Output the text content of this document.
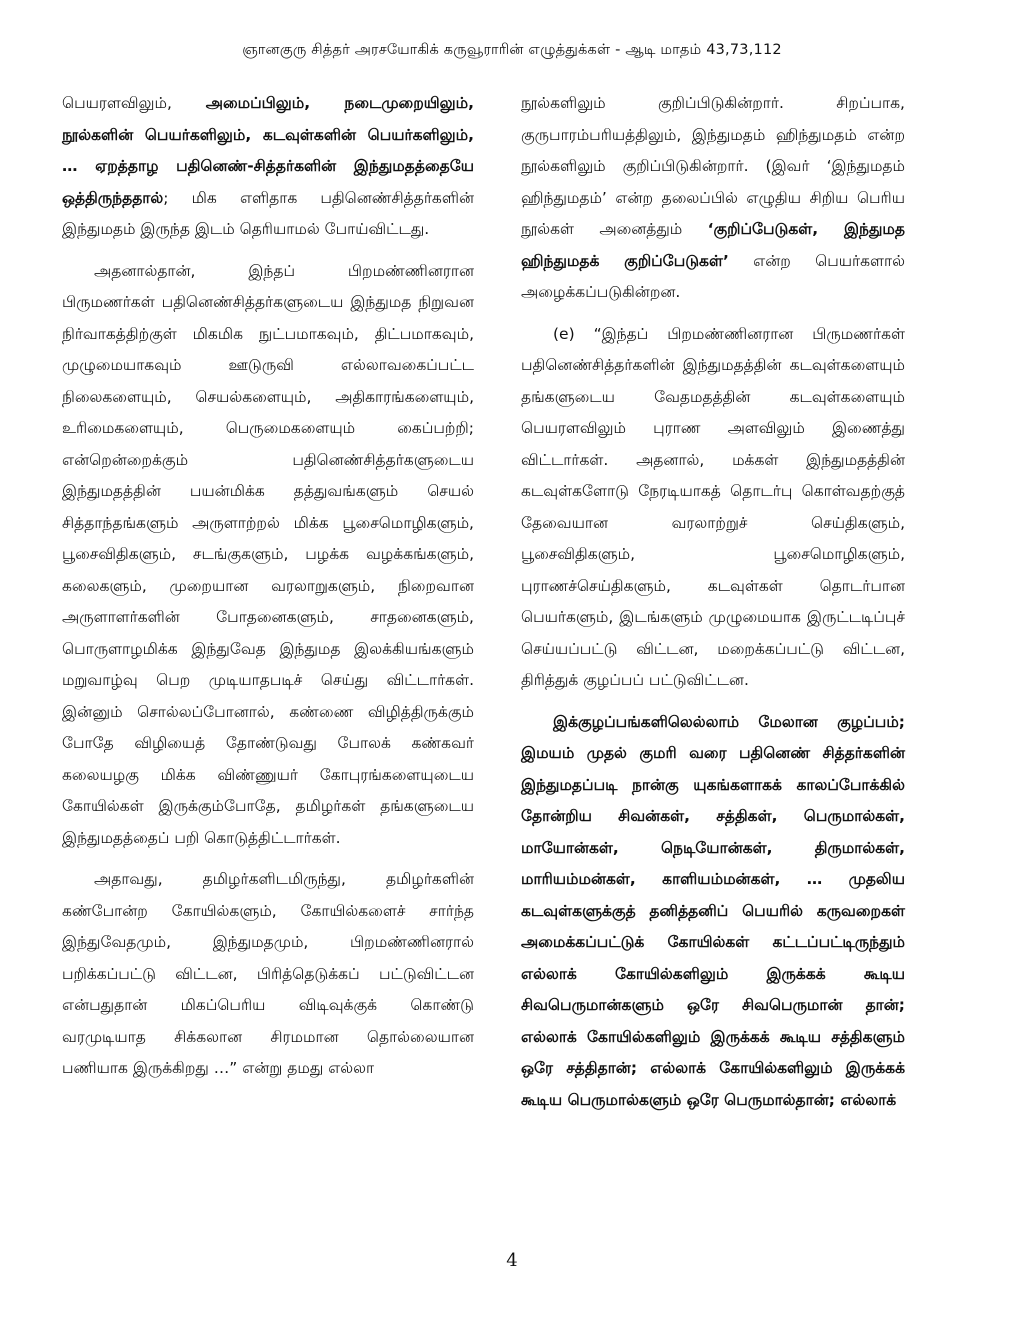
ஞானகுரு சித்தர் அரசயோகிக் கருவூராரின் எழுத்துக்கள் - ஆடி மாதம் 43,73,112

பெயரளவிலும், அமைப்பிலும், நடைமுறையிலும், நூல்களின் பெயர்களிலும், கடவுள்களின் பெயர்களிலும், … ஏறத்தாழ பதினெண்-சித்தர்களின் இந்துமதத்தையே ஒத்திருந்ததால்; மிக எளிதாக பதினெண்சித்தர்களின் இந்துமதம் இருந்த இடம் தெரியாமல் போய்விட்டது.

அதனால்தான், இந்தப் பிறமண்ணினரான பிருமணர்கள் பதினெண்சித்தர்களுடைய இந்துமத நிறுவன நிர்வாகத்திற்குள் மிகமிக நுட்பமாகவும், திட்பமாகவும், முழுமையாகவும் ஊடுருவி எல்லாவகைப்பட்ட நிலைகளையும், செயல்களையும், அதிகாரங்களையும், உரிமைகளையும், பெருமைகளையும் கைப்பற்றி; என்றென்றைக்கும் பதினெண்சித்தர்களுடைய இந்துமதத்தின் பயன்மிக்க தத்துவங்களும் செயல் சித்தாந்தங்களும் அருளாற்றல் மிக்க பூசைமொழிகளும், பூசைவிதிகளும், சடங்குகளும், பழக்க வழக்கங்களும், கலைகளும், முறையான வரலாறுகளும், நிறைவான அருளாளர்களின் போதனைகளும், சாதனைகளும், பொருளாழமிக்க இந்துவேத இந்துமத இலக்கியங்களும் மறுவாழ்வு பெற முடியாதபடிச் செய்து விட்டார்கள். இன்னும் சொல்லப்போனால், கண்ணை விழித்திருக்கும் போதே விழியைத் தோண்டுவது போலக் கண்கவர் கலையழகு மிக்க விண்ணுயர் கோபுரங்களையுடைய கோயில்கள் இருக்கும்போதே, தமிழர்கள் தங்களுடைய இந்துமதத்தைப் பறி கொடுத்திட்டார்கள்.

அதாவது, தமிழர்களிடமிருந்து, தமிழர்களின் கண்போன்ற கோயில்களும், கோயில்களைச் சார்ந்த இந்துவேதமும், இந்துமதமும், பிறமண்ணினரால் பறிக்கப்பட்டு விட்டன, பிரித்தெடுக்கப் பட்டுவிட்டன என்பதுதான் மிகப்பெரிய விடிவுக்குக் கொண்டு வரமுடியாத சிக்கலான சிரமமான தொல்லையான பணியாக இருக்கிறது …” என்று தமது எல்லா

நூல்களிலும் குறிப்பிடுகின்றார். சிறப்பாக, குருபாரம்பரியத்திலும், இந்துமதம் ஹிந்துமதம் என்ற நூல்களிலும் குறிப்பிடுகின்றார். (இவர் ‘இந்துமதம் ஹிந்துமதம்’ என்ற தலைப்பில் எழுதிய சிறிய பெரிய நூல்கள் அனைத்தும் ‘குறிப்பேடுகள், இந்துமத ஹிந்துமதக் குறிப்பேடுகள்’ என்ற பெயர்களால் அழைக்கப்படுகின்றன.

(e) “இந்தப் பிறமண்ணினரான பிருமணர்கள் பதினெண்சித்தர்களின் இந்துமதத்தின் கடவுள்களையும் தங்களுடைய வேதமதத்தின் கடவுள்களையும் பெயரளவிலும் புராண அளவிலும் இணைத்து விட்டார்கள். அதனால், மக்கள் இந்துமதத்தின் கடவுள்களோடு நேரடியாகத் தொடர்பு கொள்வதற்குத் தேவையான வரலாற்றுச் செய்திகளும், பூசைவிதிகளும், பூசைமொழிகளும், புராணச்செய்திகளும், கடவுள்கள் தொடர்பான பெயர்களும், இடங்களும் முழுமையாக இருட்டடிப்புச் செய்யப்பட்டு விட்டன, மறைக்கப்பட்டு விட்டன, திரித்துக் குழப்பப் பட்டுவிட்டன.

இக்குழப்பங்களிலெல்லாம் மேலான குழப்பம்; இமயம் முதல் குமரி வரை பதினெண் சித்தர்களின் இந்துமதப்படி நான்கு யுகங்களாகக் காலப்போக்கில் தோன்றிய சிவன்கள், சத்திகள், பெருமால்கள், மாயோன்கள், நெடியோன்கள், திருமால்கள், மாரியம்மன்கள், காளியம்மன்கள், … முதலிய கடவுள்களுக்குத் தனித்தனிப் பெயரில் கருவறைகள் அமைக்கப்பட்டுக் கோயில்கள் கட்டப்பட்டிருந்தும் எல்லாக் கோயில்களிலும் இருக்கக் கூடிய சிவபெருமான்களும் ஒரே சிவபெருமான் தான்; எல்லாக் கோயில்களிலும் இருக்கக் கூடிய சத்திகளும் ஒரே சத்திதான்; எல்லாக் கோயில்களிலும் இருக்கக் கூடிய பெருமால்களும் ஒரே பெருமால்தான்; எல்லாக்

4
